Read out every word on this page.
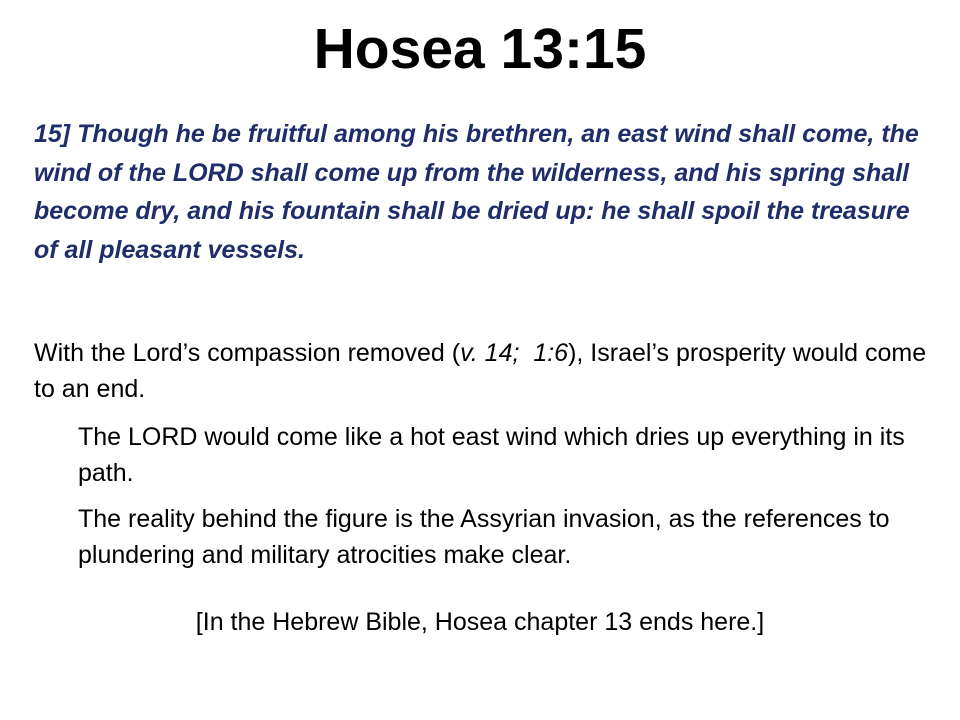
Hosea 13:15

15] Though he be fruitful among his brethren, an east wind shall come, the wind of the LORD shall come up from the wilderness, and his spring shall become dry, and his fountain shall be dried up: he shall spoil the treasure of all pleasant vessels.

With the Lord’s compassion removed (v. 14; 1:6), Israel’s prosperity would come to an end.

The LORD would come like a hot east wind which dries up everything in its path.

The reality behind the figure is the Assyrian invasion, as the references to plundering and military atrocities make clear.

[In the Hebrew Bible, Hosea chapter 13 ends here.]
